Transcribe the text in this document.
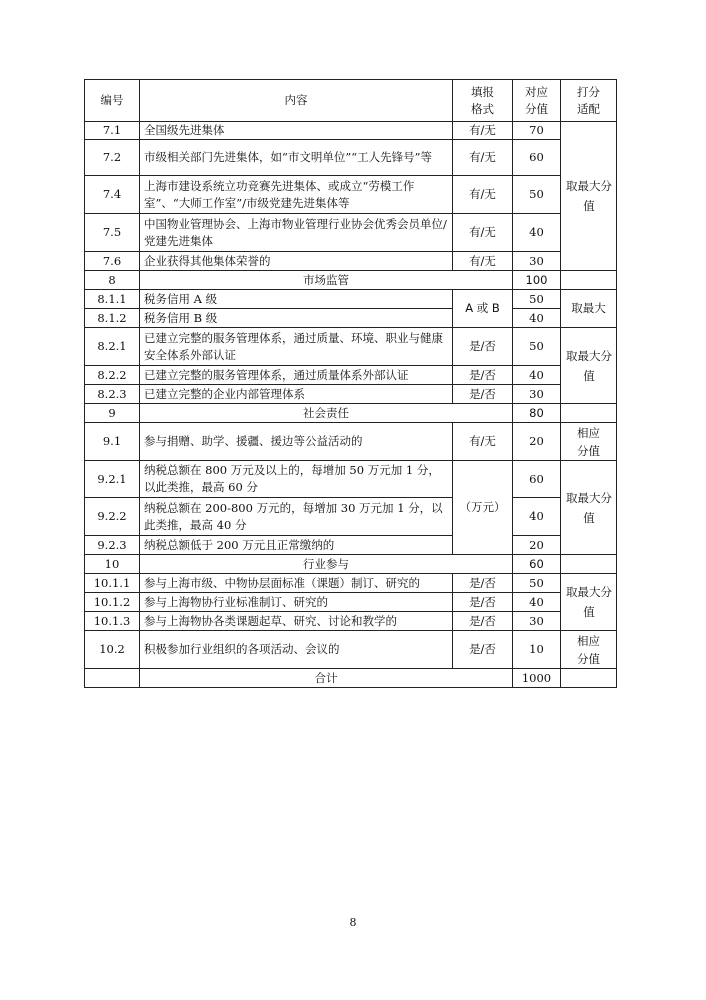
编号	内容	填报格式	对应分值	打分适配
7.1	全国级先进集体	有/无	70	取最大分值
7.2	市级相关部门先进集体，如“市文明单位”“工人先锋号”等	有/无	60	
7.4	上海市建设系统立功竞赛先进集体、或成立“劳模工作室”、“大师工作室”/市级党建先进集体等	有/无	50	
7.5	中国物业管理协会、上海市物业管理行业协会优秀会员单位/党建先进集体	有/无	40	
7.6	企业获得其他集体荣誉的	有/无	30	
8	市场监管		100	
8.1.1	税务信用 A 级	A 或 B	50	取最大
8.1.2	税务信用 B 级		40	
8.2.1	已建立完整的服务管理体系，通过质量、环境、职业与健康安全体系外部认证	是/否	50	取最大分值
8.2.2	已建立完整的服务管理体系，通过质量体系外部认证	是/否	40	
8.2.3	已建立完整的企业内部管理体系	是/否	30	
9	社会责任		80	
9.1	参与捐赠、助学、援疆、援边等公益活动的	有/无	20	相应分值
9.2.1	纳税总额在 800 万元及以上的，每增加 50 万元加 1 分，以此类推，最高 60 分	（万元）	60	取最大分值
9.2.2	纳税总额在 200-800 万元的，每增加 30 万元加 1 分，以此类推，最高 40 分		40	
9.2.3	纳税总额低于 200 万元且正常缴纳的		20	
10	行业参与		60	
10.1.1	参与上海市级、中物协层面标准（课题）制订、研究的	是/否	50	取最大分值
10.1.2	参与上海物协行业标准制订、研究的	是/否	40	
10.1.3	参与上海物协各类课题起草、研究、讨论和教学的	是/否	30	
10.2	积极参加行业组织的各项活动、会议的	是/否	10	相应分值
	合计		1000	
8
